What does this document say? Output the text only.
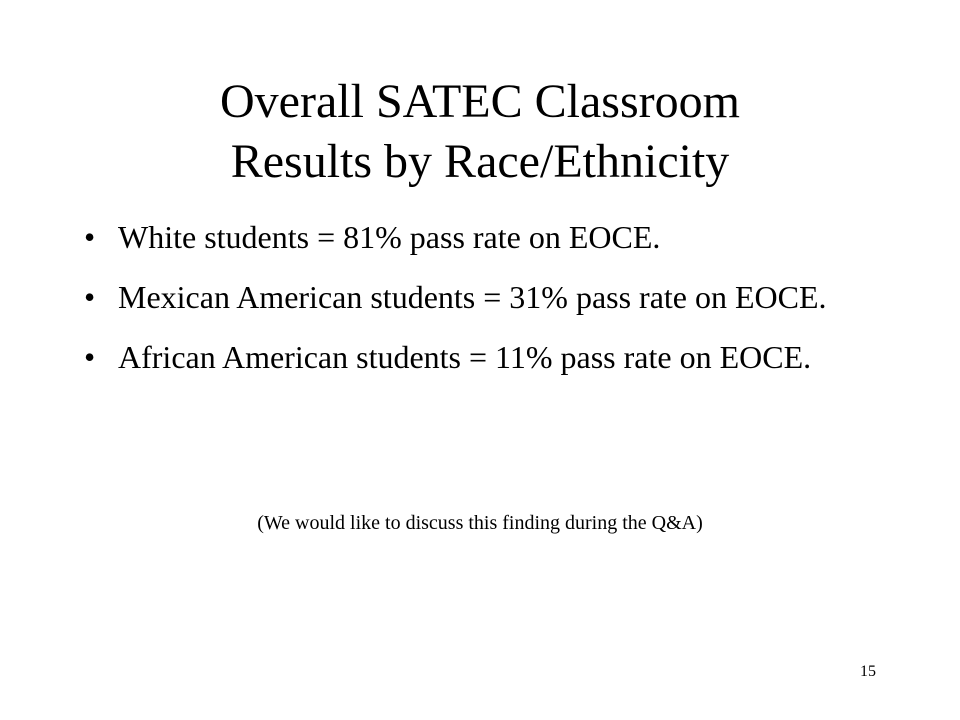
Overall SATEC Classroom
Results by Race/Ethnicity
• White students = 81% pass rate on EOCE.
• Mexican American students = 31% pass rate on EOCE.
• African American students = 11% pass rate on EOCE.
(We would like to discuss this finding during the Q&A)
15
